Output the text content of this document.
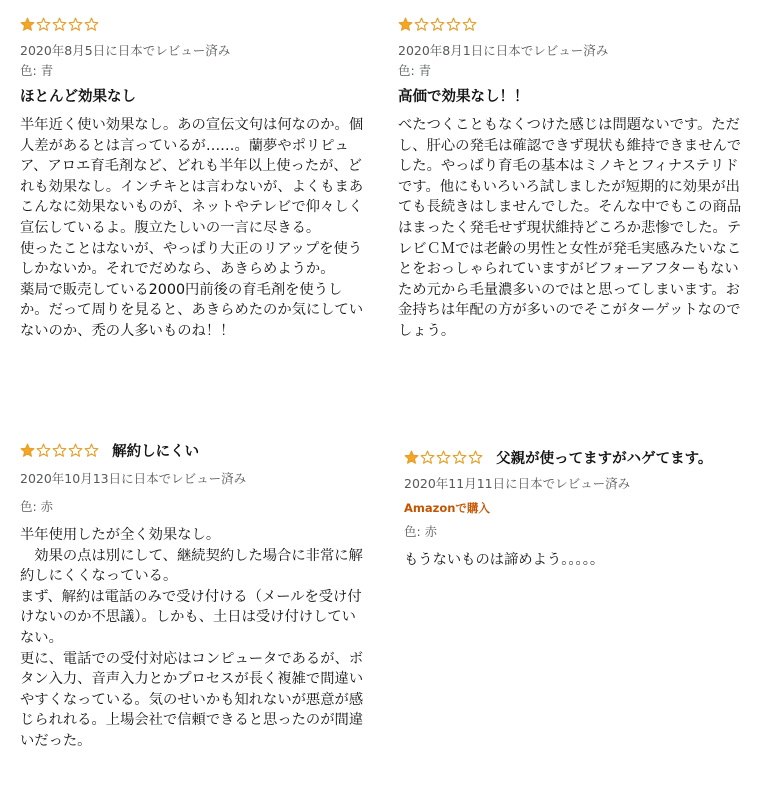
2020年8月5日に日本でレビュー済み
色: 青
ほとんど効果なし

半年近く使い効果なし。あの宣伝文句は何なのか。個人差があるとは言っているが……。蘭夢やポリピュア、アロエ育毛剤など、どれも半年以上使ったが、どれも効果なし。インチキとは言わないが、よくもまあこんなに効果ないものが、ネットやテレビで仰々しく宣伝しているよ。腹立たしいの一言に尽きる。
使ったことはないが、やっぱり大正のリアップを使うしかないか。それでだめなら、あきらめようか。
薬局で販売している2000円前後の育毛剤を使うしか。だって周りを見ると、あきらめたのか気にしていないのか、禿の人多いものね！！

2020年8月1日に日本でレビュー済み
色: 青
高価で効果なし！！

べたつくこともなくつけた感じは問題ないです。ただし、肝心の発毛は確認できず現状も維持できませんでした。やっぱり育毛の基本はミノキとフィナステリドです。他にもいろいろ試しましたが短期的に効果が出ても長続きはしませんでした。そんな中でもこの商品はまったく発毛せず現状維持どころか悲惨でした。テレビＣＭでは老齢の男性と女性が発毛実感みたいなことをおっしゃられていますがビフォーアフターもないため元から毛量濃多いのではと思ってしまいます。お金持ちは年配の方が多いのでそこがターゲットなのでしょう。

解約しにくい
2020年10月13日に日本でレビュー済み
色: 赤

半年使用したが全く効果なし。
　効果の点は別にして、継続契約した場合に非常に解約しにくくなっている。
まず、解約は電話のみで受け付ける（メールを受け付けないのか不思議）。しかも、土日は受け付けしていない。
更に、電話での受付対応はコンピュータであるが、ボタン入力、音声入力とかプロセスが長く複雑で間違いやすくなっている。気のせいかも知れないが悪意が感じられれる。上場会社で信頼できると思ったのが間違いだった。

父親が使ってますがハゲてます。
2020年11月11日に日本でレビュー済み
Amazonで購入
色: 赤

もうないものは諦めよう。。。。。
